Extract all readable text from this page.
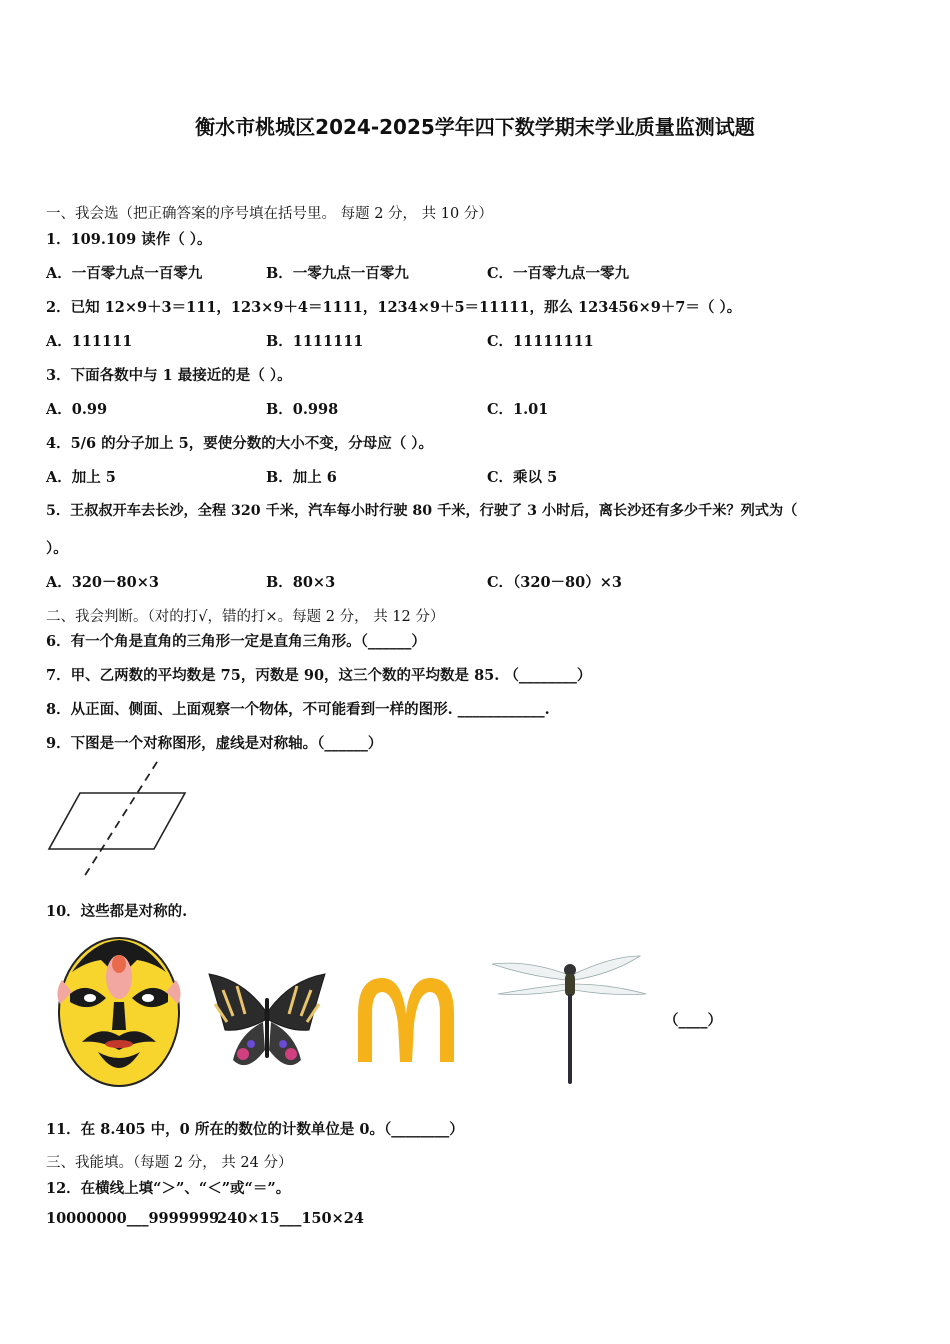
衡水市桃城区2024-2025学年四下数学期末学业质量监测试题
一、我会选（把正确答案的序号填在括号里。 每题 2 分， 共 10 分）
1．109.109 读作（ ）。
A．一百零九点一百零九	B．一零九点一百零九	C．一百零九点一零九
2．已知 12×9＋3＝111，123×9＋4＝1111，1234×9＋5＝11111，那么 123456×9＋7＝（ ）。
A．111111	B．1111111	C．11111111
3．下面各数中与 1 最接近的是（ ）。
A．0.99	B．0.998	C．1.01
4．5/6 的分子加上 5，要使分数的大小不变，分母应（ ）。
A．加上 5	B．加上 6	C．乘以 5
5．王叔叔开车去长沙，全程 320 千米，汽车每小时行驶 80 千米，行驶了 3 小时后，离长沙还有多少千米？列式为（
）。
A．320－80×3	B．80×3	C．（320－80）×3
二、我会判断。（对的打√，错的打×。每题 2 分， 共 12 分）
6．有一个角是直角的三角形一定是直角三角形。（______）
7．甲、乙两数的平均数是 75，丙数是 90，这三个数的平均数是 85. （________）
8．从正面、侧面、上面观察一个物体，不可能看到一样的图形. ____________.
9．下图是一个对称图形，虚线是对称轴。（______）
10．这些都是对称的.
（____）
11．在 8.405 中，0 所在的数位的计数单位是 0。（________）
三、我能填。（每题 2 分， 共 24 分）
12．在横线上填“＞”、“＜”或“＝”。
10000000___9999999
240×15___150×24
